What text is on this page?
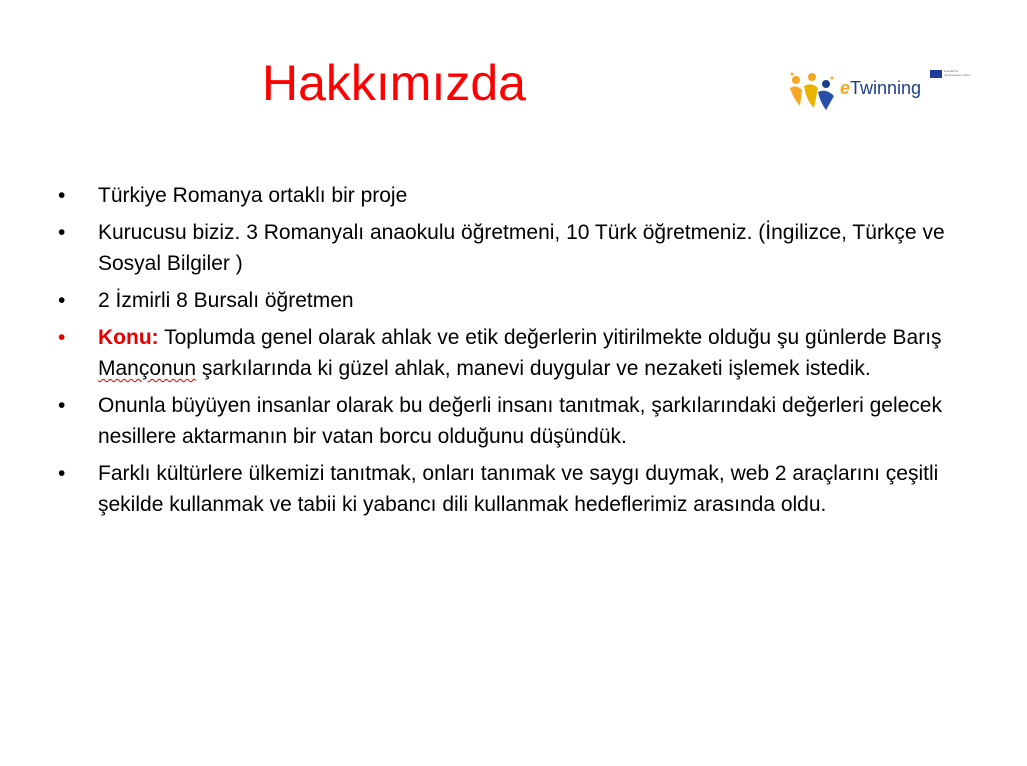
Hakkımızda	eTwinning
Funded by
the European Union
•	Türkiye Romanya ortaklı bir proje
•	Kurucusu biziz. 3 Romanyalı anaokulu öğretmeni, 10 Türk öğretmeniz. (İngilizce, Türkçe ve Sosyal Bilgiler )
•	2 İzmirli 8 Bursalı öğretmen
•	Konu: Toplumda genel olarak ahlak ve etik değerlerin yitirilmekte olduğu şu günlerde Barış Mançonun şarkılarında ki güzel ahlak, manevi duygular ve nezaketi işlemek istedik.
•	Onunla büyüyen insanlar olarak bu değerli insanı tanıtmak, şarkılarındaki değerleri gelecek nesillere aktarmanın bir vatan borcu olduğunu düşündük.
•	Farklı kültürlere ülkemizi tanıtmak, onları tanımak ve saygı duymak, web 2 araçlarını çeşitli şekilde kullanmak ve tabii ki yabancı dili kullanmak hedeflerimiz arasında oldu.
